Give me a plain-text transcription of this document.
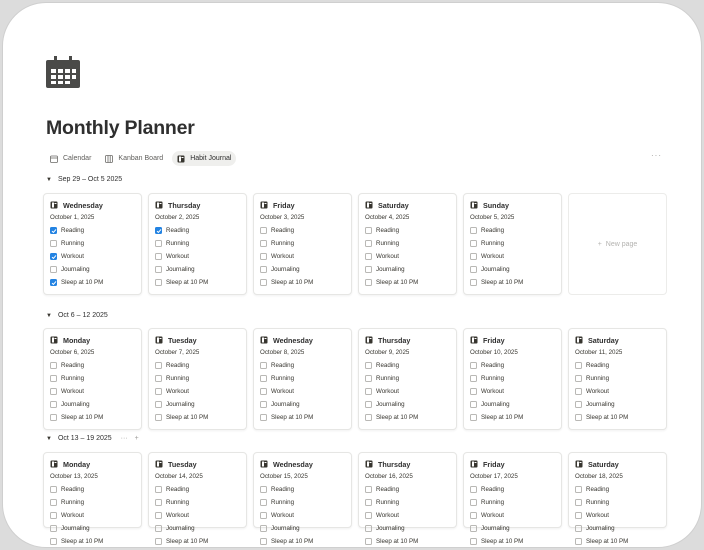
Monthly Planner
Calendar	Kanban Board	Habit Journal	···
▼ Sep 29 – Oct 5 2025
Wednesday
October 1, 2025
Reading
Running
Workout
Journaling
Sleep at 10 PM
Thursday
October 2, 2025
Reading
Running
Workout
Journaling
Sleep at 10 PM
Friday
October 3, 2025
Reading
Running
Workout
Journaling
Sleep at 10 PM
Saturday
October 4, 2025
Reading
Running
Workout
Journaling
Sleep at 10 PM
Sunday
October 5, 2025
Reading
Running
Workout
Journaling
Sleep at 10 PM
+ New page
▼ Oct 6 – 12 2025
Monday
October 6, 2025
Reading
Running
Workout
Journaling
Sleep at 10 PM
Tuesday
October 7, 2025
Reading
Running
Workout
Journaling
Sleep at 10 PM
Wednesday
October 8, 2025
Reading
Running
Workout
Journaling
Sleep at 10 PM
Thursday
October 9, 2025
Reading
Running
Workout
Journaling
Sleep at 10 PM
Friday
October 10, 2025
Reading
Running
Workout
Journaling
Sleep at 10 PM
Saturday
October 11, 2025
Reading
Running
Workout
Journaling
Sleep at 10 PM
▼ Oct 13 – 19 2025 ··· +
Monday
October 13, 2025
Reading
Running
Workout
Journaling
Sleep at 10 PM
Tuesday
October 14, 2025
Reading
Running
Workout
Journaling
Sleep at 10 PM
Wednesday
October 15, 2025
Reading
Running
Workout
Journaling
Sleep at 10 PM
Thursday
October 16, 2025
Reading
Running
Workout
Journaling
Sleep at 10 PM
Friday
October 17, 2025
Reading
Running
Workout
Journaling
Sleep at 10 PM
Saturday
October 18, 2025
Reading
Running
Workout
Journaling
Sleep at 10 PM
